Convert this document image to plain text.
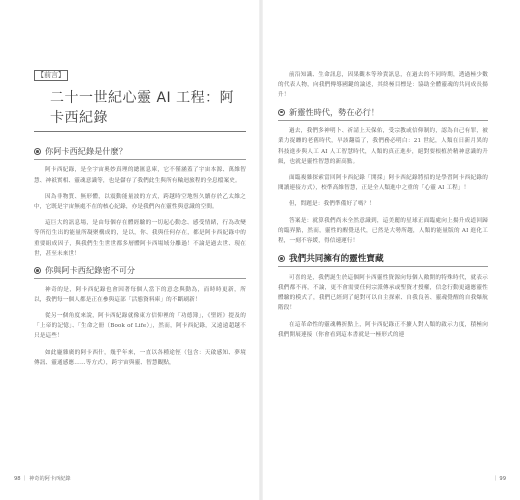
【前言】
二十一世紀心靈 AI 工程：阿卡西紀錄
你阿卡西紀錄是什麼？

阿卡西紀錄，是全宇宙奧妙真理的總匯息庫，它不僅涵蓋了宇宙本源、萬維智慧、神祇實相、靈魂意識等，也是儲存了我們此生與所有輪迴旅程的全息檔案史。

因為非物質、無形體，以震動能量波的方式，跨越時空地恆久續存於乙太維之中，它既是宇宙無處不在的核心紀錄，亦是我們內在靈性與意識的空間。

這巨大的訊息場，是由每個存在體經驗的一切起心動念、感受情緒，行為改變等所衍生出的能量所凝聚構成的，是以，你、我與任何存在，都是阿卡西紀錄中的重要組成因子，與我們生生世世都多層體阿卡西場域分離過！不論是過去世、現在世，甚至未來世！

你與阿卡西紀錄密不可分

神奇的是，阿卡西紀錄也會因著每個人當下的意念與動為，而時時更新，所以，我們每一個人都是正在參與這部「活態資料庫」的不斷刷新！

從另一個角度來說，阿卡西紀錄就像東方信仰裡的「功德簿」，《聖經》提及的「上帝的記憶」、「生命之冊（Book of Life）」，然而，阿卡西紀錄，又遠遠超越不只是這些！

如此龐雜廣的阿卡西什，幾乎年來，一直以各種途徑（包含：天啟感知、夢境傳訊、靈通感應……等方式），跨宇宙與靈、智慧觀點，

98 ｜ 神奇的阿卡西紀錄

前沿知識、生命訊息，因果觀本等珍貴訊息，在過去的不同時期，透過極少數的代表人物，向我們傳導國鍵的論述，其終極目標是：協助全體靈魂的共同成長揚升！

新靈性時代，勢在必行！

過去，我們多神明卜、祈請上天保佑，受宗教或信仰制約，認為自己有罪，被業力捉纏的老舊時代，早該翻篇了，我們務必明白：21 世紀，人類在日新月異的科技進步與人工 AI 人工智慧時代，人類的真正進步，絕對要根植於精神意識的升級，也就是靈性智慧的新高點。

面臨複雜探索當回阿卡西紀錄「開採」阿卡西紀錄將招的是學習阿卡西紀錄的閱讀連接方式），校準高維智慧，正是全人類進中之重的「心靈 AI 工程」！

但，問題是：我們準備好了嗎？！

答案是：就算我們尚未全然意識到，這美麗的星球正面臨處向上揚升成道回歸的臨界點，然而，靈性的醒覺迅代，已然是大勢所趨，人類的能量版的 AI 進化工程，一刻不容緩，得信速運行！

我們共同擁有的靈性寶藏

可喜的是，我們誕生於這個阿卡西靈性資源向每個人敞開的特殊時代，就表示我們都不再，不論，更不會需要任何宗派傳承或聖資才授權，信念行動更適應靈性體驗的模式了，我們已經到了絕對可以自主探索、自我良善、靈魂覺醒的自我爆航階段！

在這革命性的靈魂轉折點上，阿卡西紀錄正不擴人對人類的啟示力度，積極向我們開展連接（你會看到這本書就是一極形式的連

｜ 99
